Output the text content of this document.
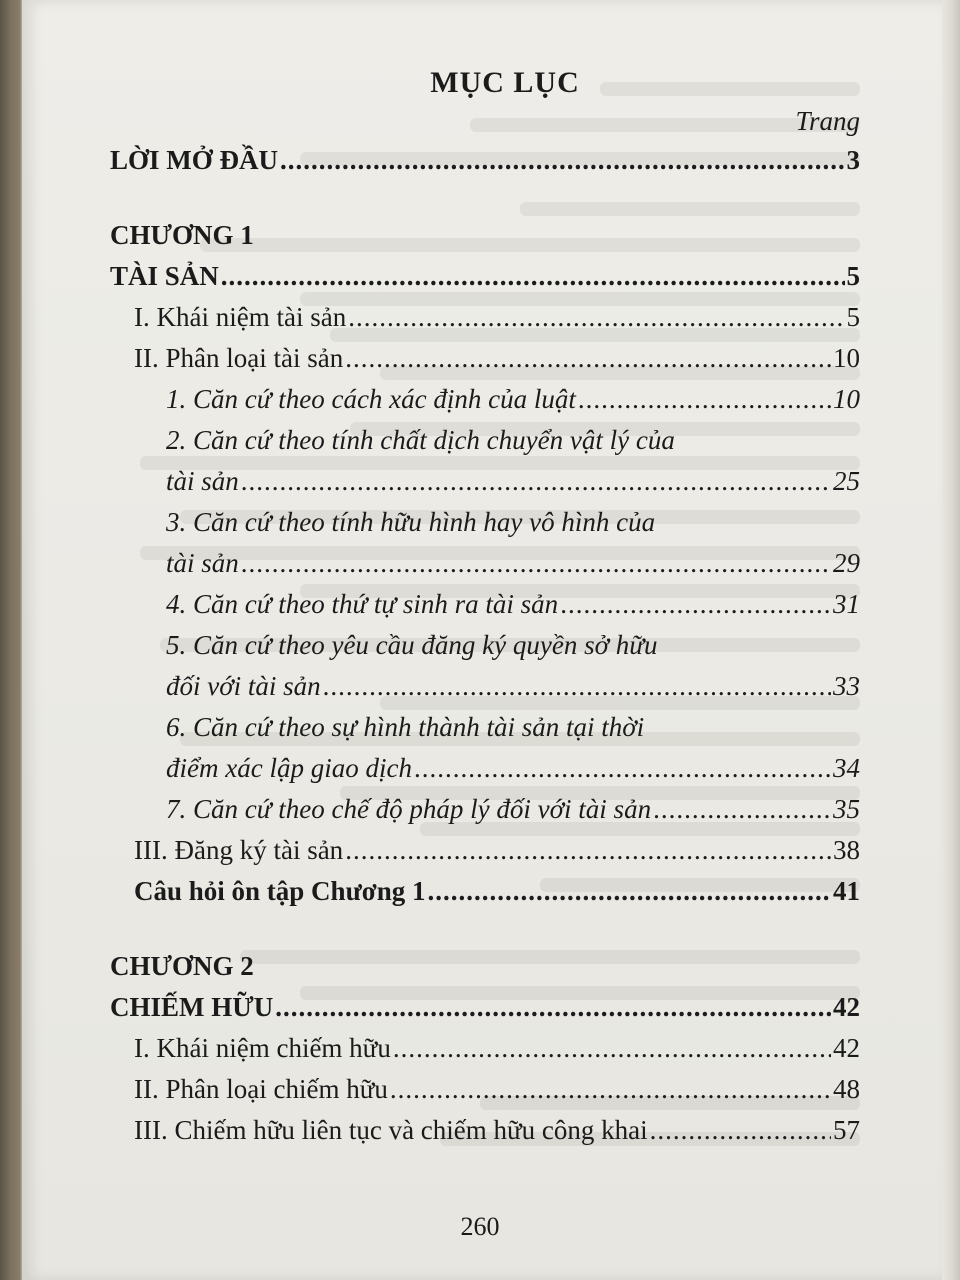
MỤC LỤC
Trang
LỜI MỞ ĐẦU .....	3
CHƯƠNG 1
TÀI SẢN .....	5
I. Khái niệm tài sản .....	5
II. Phân loại tài sản .....	10
1. Căn cứ theo cách xác định của luật .....	10
2. Căn cứ theo tính chất dịch chuyển vật lý của
tài sản .....	25
3. Căn cứ theo tính hữu hình hay vô hình của
tài sản .....	29
4. Căn cứ theo thứ tự sinh ra tài sản .....	31
5. Căn cứ theo yêu cầu đăng ký quyền sở hữu
đối với tài sản .....	33
6. Căn cứ theo sự hình thành tài sản tại thời
điểm xác lập giao dịch .....	34
7. Căn cứ theo chế độ pháp lý đối với tài sản .....	35
III. Đăng ký tài sản .....	38
Câu hỏi ôn tập Chương 1 .....	41
CHƯƠNG 2
CHIẾM HỮU .....	42
I. Khái niệm chiếm hữu .....	42
II. Phân loại chiếm hữu .....	48
III. Chiếm hữu liên tục và chiếm hữu công khai .....	57
260
